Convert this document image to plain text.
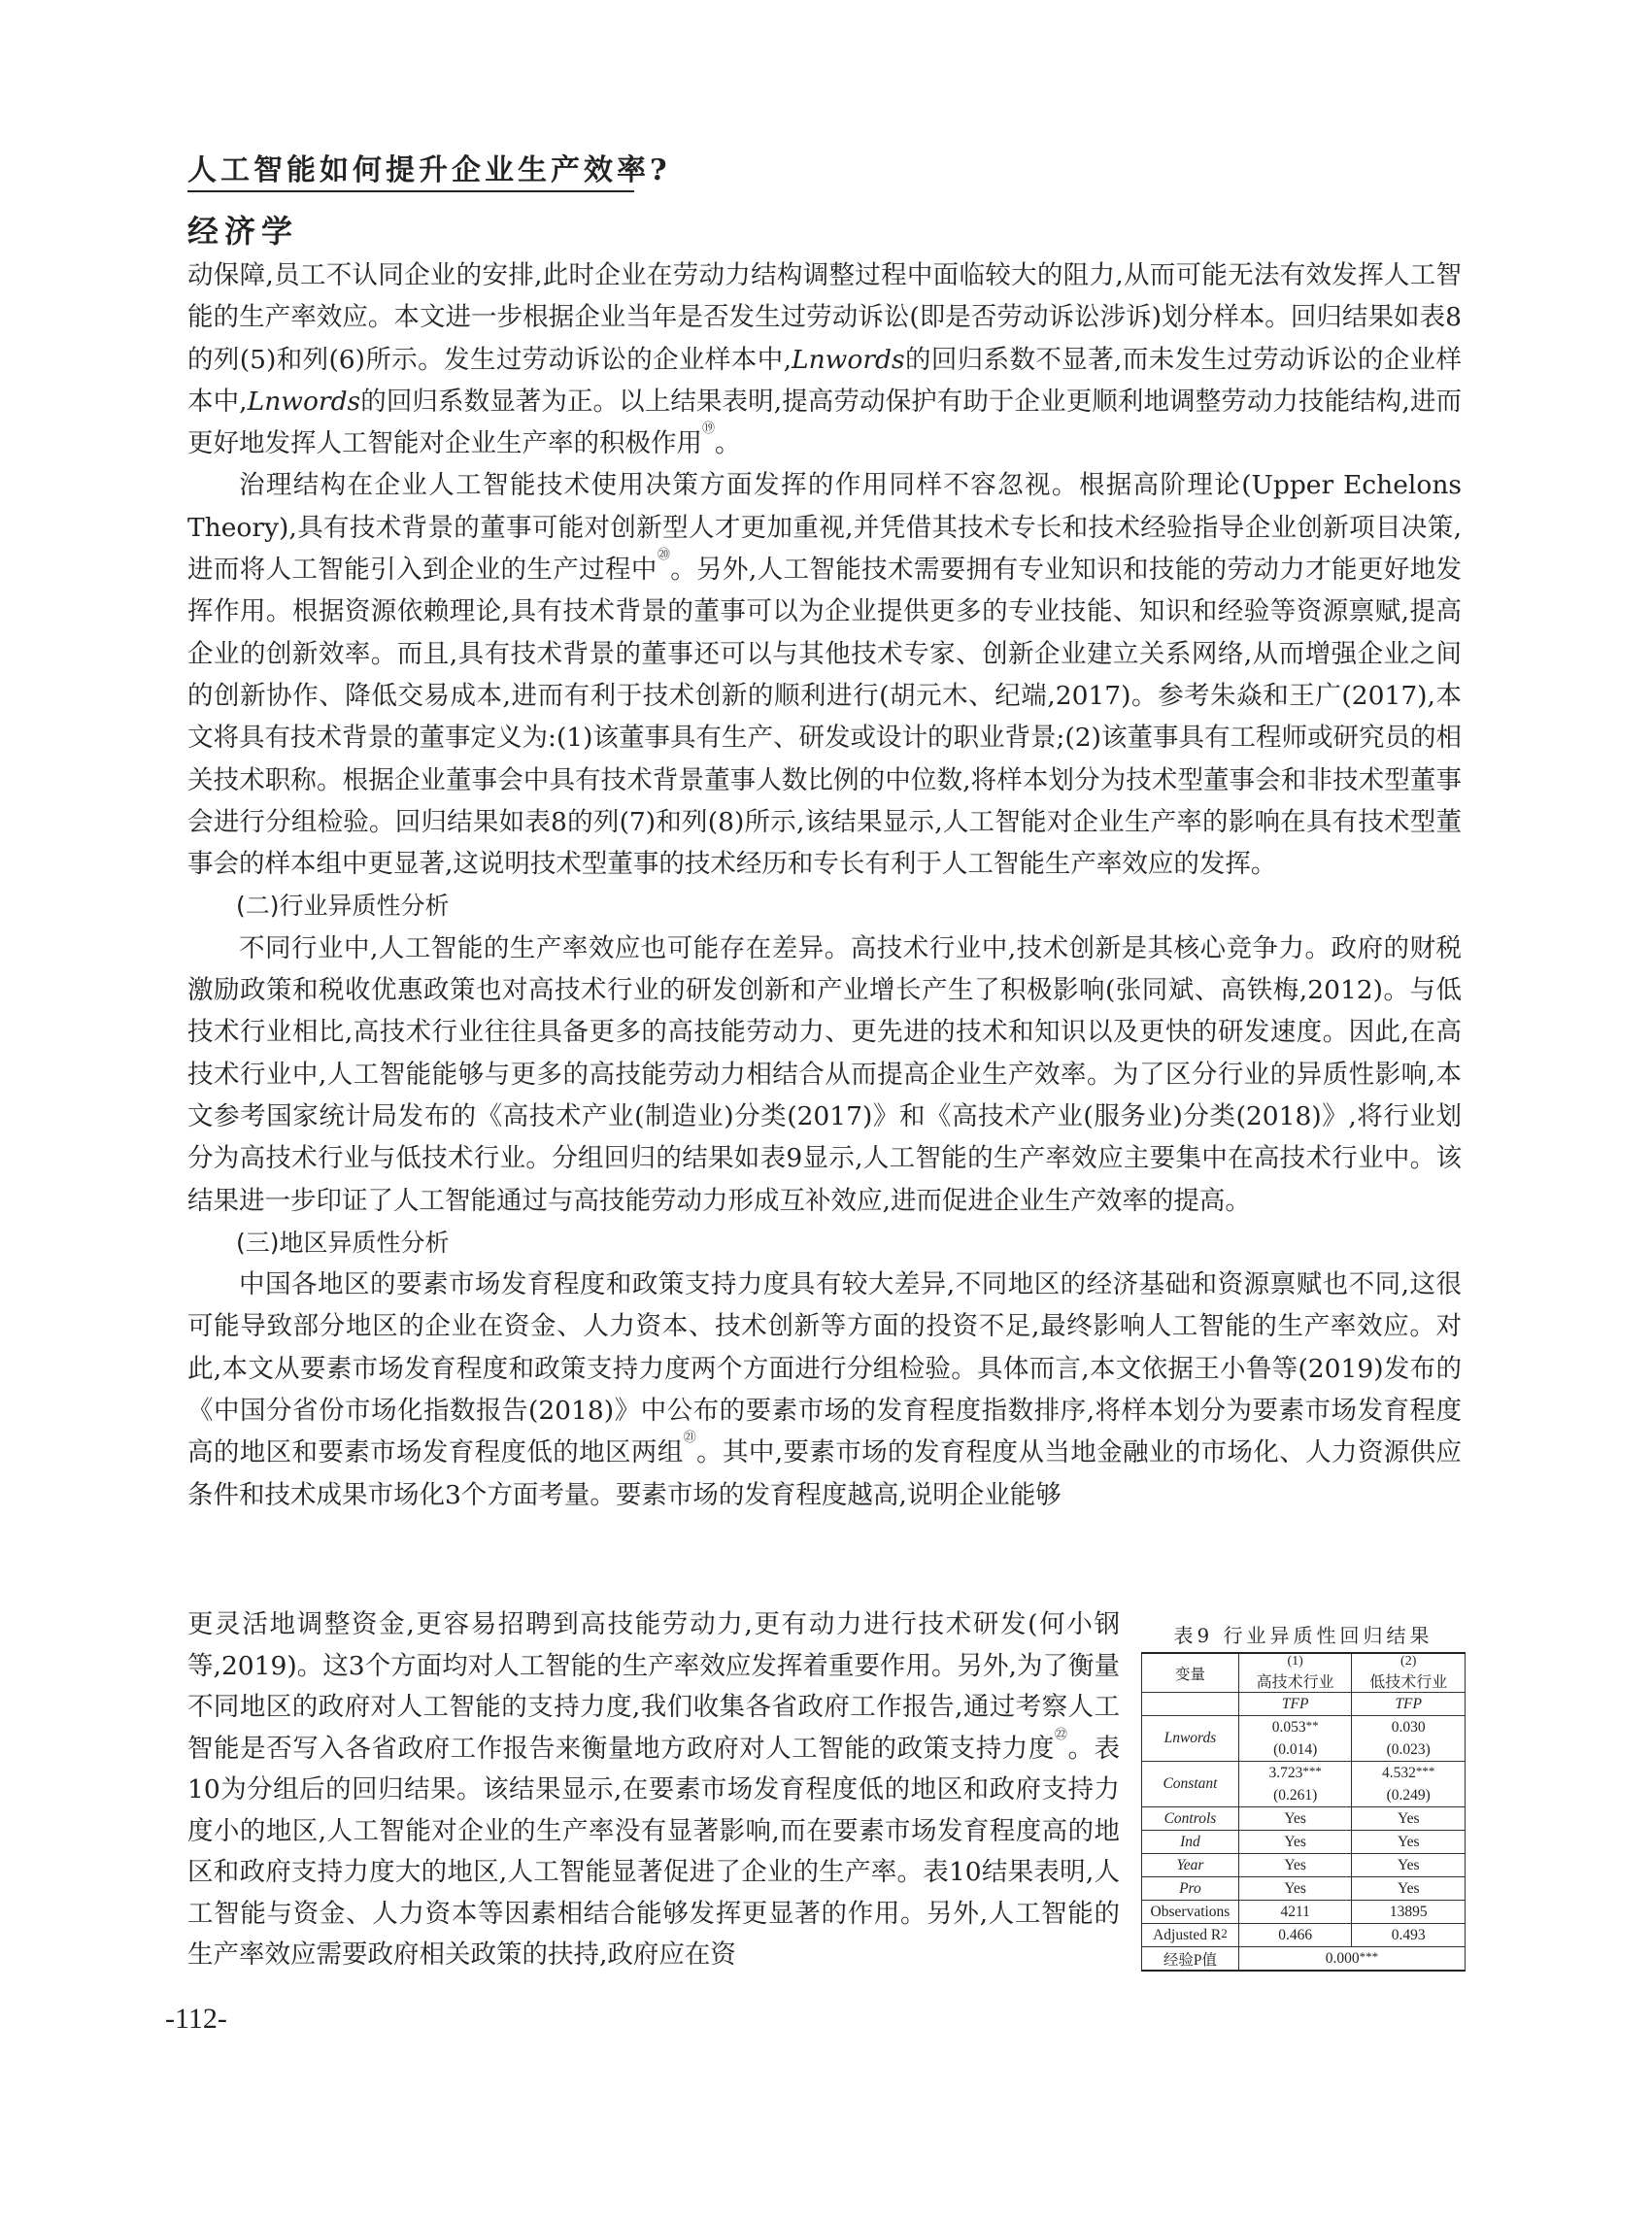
人工智能如何提升企业生产效率?
经济学

动保障,员工不认同企业的安排,此时企业在劳动力结构调整过程中面临较大的阻力,从而可能无法有效发挥人工智能的生产率效应。本文进一步根据企业当年是否发生过劳动诉讼(即是否劳动诉讼涉诉)划分样本。回归结果如表8的列(5)和列(6)所示。发生过劳动诉讼的企业样本中,Lnwords的回归系数不显著,而未发生过劳动诉讼的企业样本中,Lnwords的回归系数显著为正。以上结果表明,提高劳动保护有助于企业更顺利地调整劳动力技能结构,进而更好地发挥人工智能对企业生产率的积极作用⑲。

治理结构在企业人工智能技术使用决策方面发挥的作用同样不容忽视。根据高阶理论(Upper Echelons Theory),具有技术背景的董事可能对创新型人才更加重视,并凭借其技术专长和技术经验指导企业创新项目决策,进而将人工智能引入到企业的生产过程中⑳。另外,人工智能技术需要拥有专业知识和技能的劳动力才能更好地发挥作用。根据资源依赖理论,具有技术背景的董事可以为企业提供更多的专业技能、知识和经验等资源禀赋,提高企业的创新效率。而且,具有技术背景的董事还可以与其他技术专家、创新企业建立关系网络,从而增强企业之间的创新协作、降低交易成本,进而有利于技术创新的顺利进行(胡元木、纪端,2017)。参考朱焱和王广(2017),本文将具有技术背景的董事定义为:(1)该董事具有生产、研发或设计的职业背景;(2)该董事具有工程师或研究员的相关技术职称。根据企业董事会中具有技术背景董事人数比例的中位数,将样本划分为技术型董事会和非技术型董事会进行分组检验。回归结果如表8的列(7)和列(8)所示,该结果显示,人工智能对企业生产率的影响在具有技术型董事会的样本组中更显著,这说明技术型董事的技术经历和专长有利于人工智能生产率效应的发挥。

(二)行业异质性分析

不同行业中,人工智能的生产率效应也可能存在差异。高技术行业中,技术创新是其核心竞争力。政府的财税激励政策和税收优惠政策也对高技术行业的研发创新和产业增长产生了积极影响(张同斌、高铁梅,2012)。与低技术行业相比,高技术行业往往具备更多的高技能劳动力、更先进的技术和知识以及更快的研发速度。因此,在高技术行业中,人工智能能够与更多的高技能劳动力相结合从而提高企业生产效率。为了区分行业的异质性影响,本文参考国家统计局发布的《高技术产业(制造业)分类(2017)》和《高技术产业(服务业)分类(2018)》,将行业划分为高技术行业与低技术行业。分组回归的结果如表9显示,人工智能的生产率效应主要集中在高技术行业中。该结果进一步印证了人工智能通过与高技能劳动力形成互补效应,进而促进企业生产效率的提高。

(三)地区异质性分析

中国各地区的要素市场发育程度和政策支持力度具有较大差异,不同地区的经济基础和资源禀赋也不同,这很可能导致部分地区的企业在资金、人力资本、技术创新等方面的投资不足,最终影响人工智能的生产率效应。对此,本文从要素市场发育程度和政策支持力度两个方面进行分组检验。具体而言,本文依据王小鲁等(2019)发布的《中国分省份市场化指数报告(2018)》中公布的要素市场的发育程度指数排序,将样本划分为要素市场发育程度高的地区和要素市场发育程度低的地区两组$^㉑$。其中,要素市场的发育程度从当地金融业的市场化、人力资源供应条件和技术成果市场化3个方面考量。要素市场的发育程度越高,说明企业能够

更灵活地调整资金,更容易招聘到高技能劳动力,更有动力进行技术研发(何小钢等,2019)。这3个方面均对人工智能的生产率效应发挥着重要作用。另外,为了衡量不同地区的政府对人工智能的支持力度,我们收集各省政府工作报告,通过考察人工智能是否写入各省政府工作报告来衡量地方政府对人工智能的政策支持力度$^㉒$。表10为分组后的回归结果。该结果显示,在要素市场发育程度低的地区和政府支持力度小的地区,人工智能对企业的生产率没有显著影响,而在要素市场发育程度高的地区和政府支持力度大的地区,人工智能显著促进了企业的生产率。表10结果表明,人工智能与资金、人力资本等因素相结合能够发挥更显著的作用。另外,人工智能的生产率效应需要政府相关政策的扶持,政府应在资

表9 行业异质性回归结果
变量	(1)	(2)
	高技术行业	低技术行业
	TFP	TFP
Lnwords	0.053**	0.030
	(0.014)	(0.023)
Constant	3.723***	4.532***
	(0.261)	(0.249)
Controls	Yes	Yes
Ind	Yes	Yes
Year	Yes	Yes
Pro	Yes	Yes
Observations	4211	13895
Adjusted $R^2$	0.466	0.493
经验P值	0.000***
-112-
